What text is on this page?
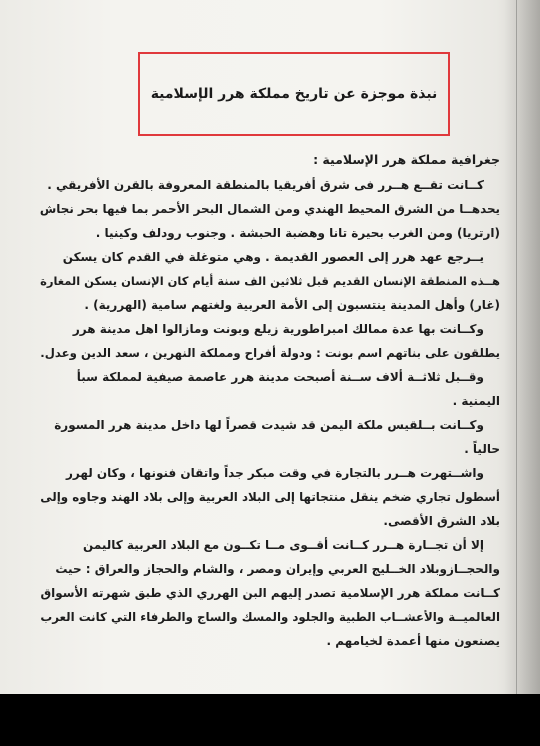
نبذة موجزة عن تاريخ مملكة هرر الإسلامية
جغرافية مملكة هرر الإسلامية :
كــانت تقــع هــرر فى شرق أفريقيا بالمنطقة المعروفة بالقرن الأفريقي .
يحدهــا من الشرق المحيط الهندي ومن الشمال البحر الأحمر بما فيها بحر نجاش
(ارتريا) ومن الغرب بحيرة تانا وهضبة الحبشة . وجنوب رودلف وكينيا .
يــرجع عهد هرر إلى العصور القديمة . وهي متوغلة في القدم كان يسكن
هــذه المنطقة الإنسان القديم قبل ثلاثين الف سنة أيام كان الإنسان يسكن المغارة
(غار) وأهل المدينة ينتسبون إلى الأمة العربية ولغتهم سامية (الهررية) .
وكــانت بها عدة ممالك امبراطورية زيلع وبونت ومازالوا اهل مدينة هرر
يطلقون على بناتهم اسم بونت : ودولة أفراح ومملكة النهرين ، سعد الدين وعدل.
وقــبل ثلاثــة ألاف ســنة أصبحت مدينة هرر عاصمة صيفية لمملكة سبأ
اليمنية .
وكــانت بــلقيس ملكة اليمن قد شيدت قصراً لها داخل مدينة هرر المسورة
حالياً .
واشــتهرت هــرر بالتجارة في وقت مبكر جداً واتقان فنونها ، وكان لهرر
أسطول تجاري ضخم ينقل منتجاتها إلى البلاد العربية وإلى بلاد الهند وجاوه وإلى
بلاد الشرق الأقصى.
إلا أن تجــارة هــرر كــانت أقــوى مــا تكــون مع البلاد العربية كاليمن
والحجــازوبلاد الخــليج العربي وإيران ومصر ، والشام والحجاز والعراق : حيث
كــانت مملكة هرر الإسلامية تصدر إليهم البن الهرري الذي طبق شهرته الأسواق
العالميــة والأعشــاب الطبية والجلود والمسك والساج والطرفاء التي كانت العرب
يصنعون منها أعمدة لخيامهم .
